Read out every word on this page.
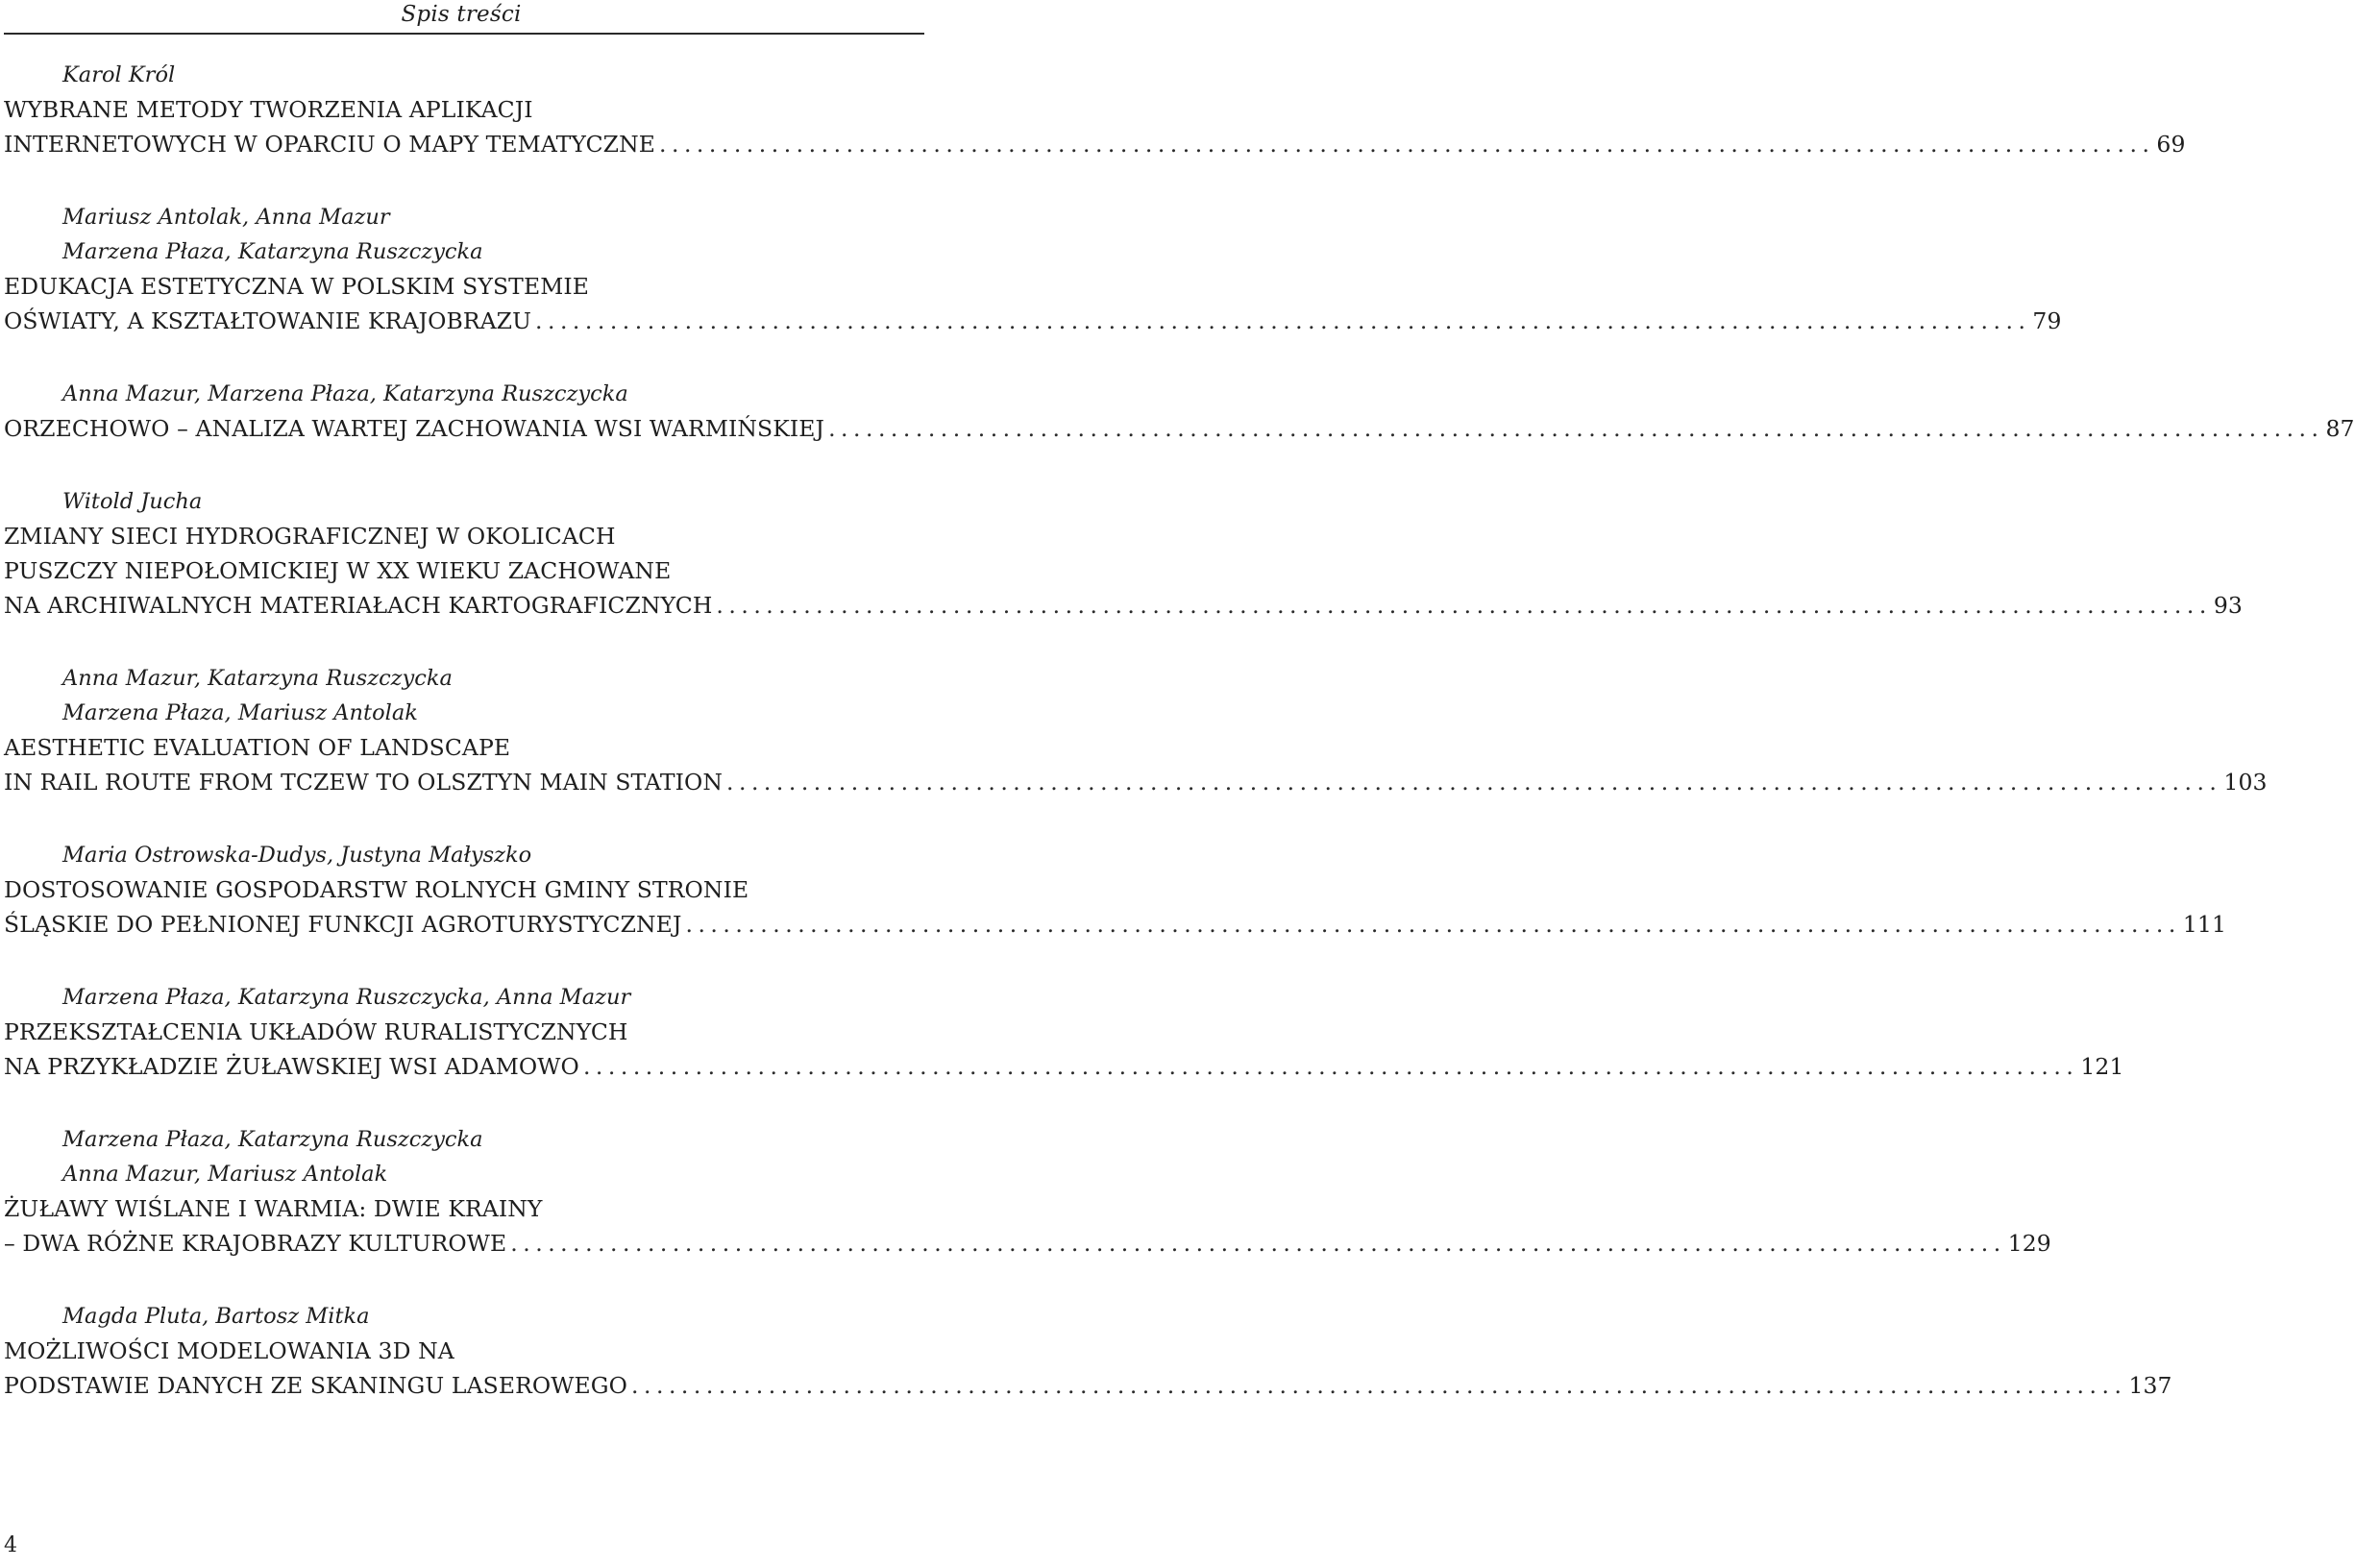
Spis treści
Karol Król
WYBRANE METODY TWORZENIA APLIKACJI
INTERNETOWYCH W OPARCIU O MAPY TEMATYCZNE ........................................................................................................................ 69
Mariusz Antolak, Anna Mazur
Marzena Płaza, Katarzyna Ruszczycka
EDUKACJA ESTETYCZNA W POLSKIM SYSTEMIE
OŚWIATY, A KSZTAŁTOWANIE KRAJOBRAZU ........................................................................................................................ 79
Anna Mazur, Marzena Płaza, Katarzyna Ruszczycka
ORZECHOWO – ANALIZA WARTEJ ZACHOWANIA WSI WARMIŃSKIEJ ........................................................................................................................ 87
Witold Jucha
ZMIANY SIECI HYDROGRAFICZNEJ W OKOLICACH
PUSZCZY NIEPOŁOMICKIEJ W XX WIEKU ZACHOWANE
NA ARCHIWALNYCH MATERIAŁACH KARTOGRAFICZNYCH ........................................................................................................................ 93
Anna Mazur, Katarzyna Ruszczycka
Marzena Płaza, Mariusz Antolak
AESTHETIC EVALUATION OF LANDSCAPE
IN RAIL ROUTE FROM TCZEW TO OLSZTYN MAIN STATION ........................................................................................................................ 103
Maria Ostrowska-Dudys, Justyna Małyszko
DOSTOSOWANIE GOSPODARSTW ROLNYCH GMINY STRONIE
ŚLĄSKIE DO PEŁNIONEJ FUNKCJI AGROTURYSTYCZNEJ ........................................................................................................................ 111
Marzena Płaza, Katarzyna Ruszczycka, Anna Mazur
PRZEKSZTAŁCENIA UKŁADÓW RURALISTYCZNYCH
NA PRZYKŁADZIE ŻUŁAWSKIEJ WSI ADAMOWO ........................................................................................................................ 121
Marzena Płaza, Katarzyna Ruszczycka
Anna Mazur, Mariusz Antolak
ŻUŁAWY WIŚLANE I WARMIA: DWIE KRAINY
– DWA RÓŻNE KRAJOBRAZY KULTUROWE ........................................................................................................................ 129
Magda Pluta, Bartosz Mitka
MOŻLIWOŚCI MODELOWANIA 3D NA
PODSTAWIE DANYCH ZE SKANINGU LASEROWEGO ........................................................................................................................ 137
4
